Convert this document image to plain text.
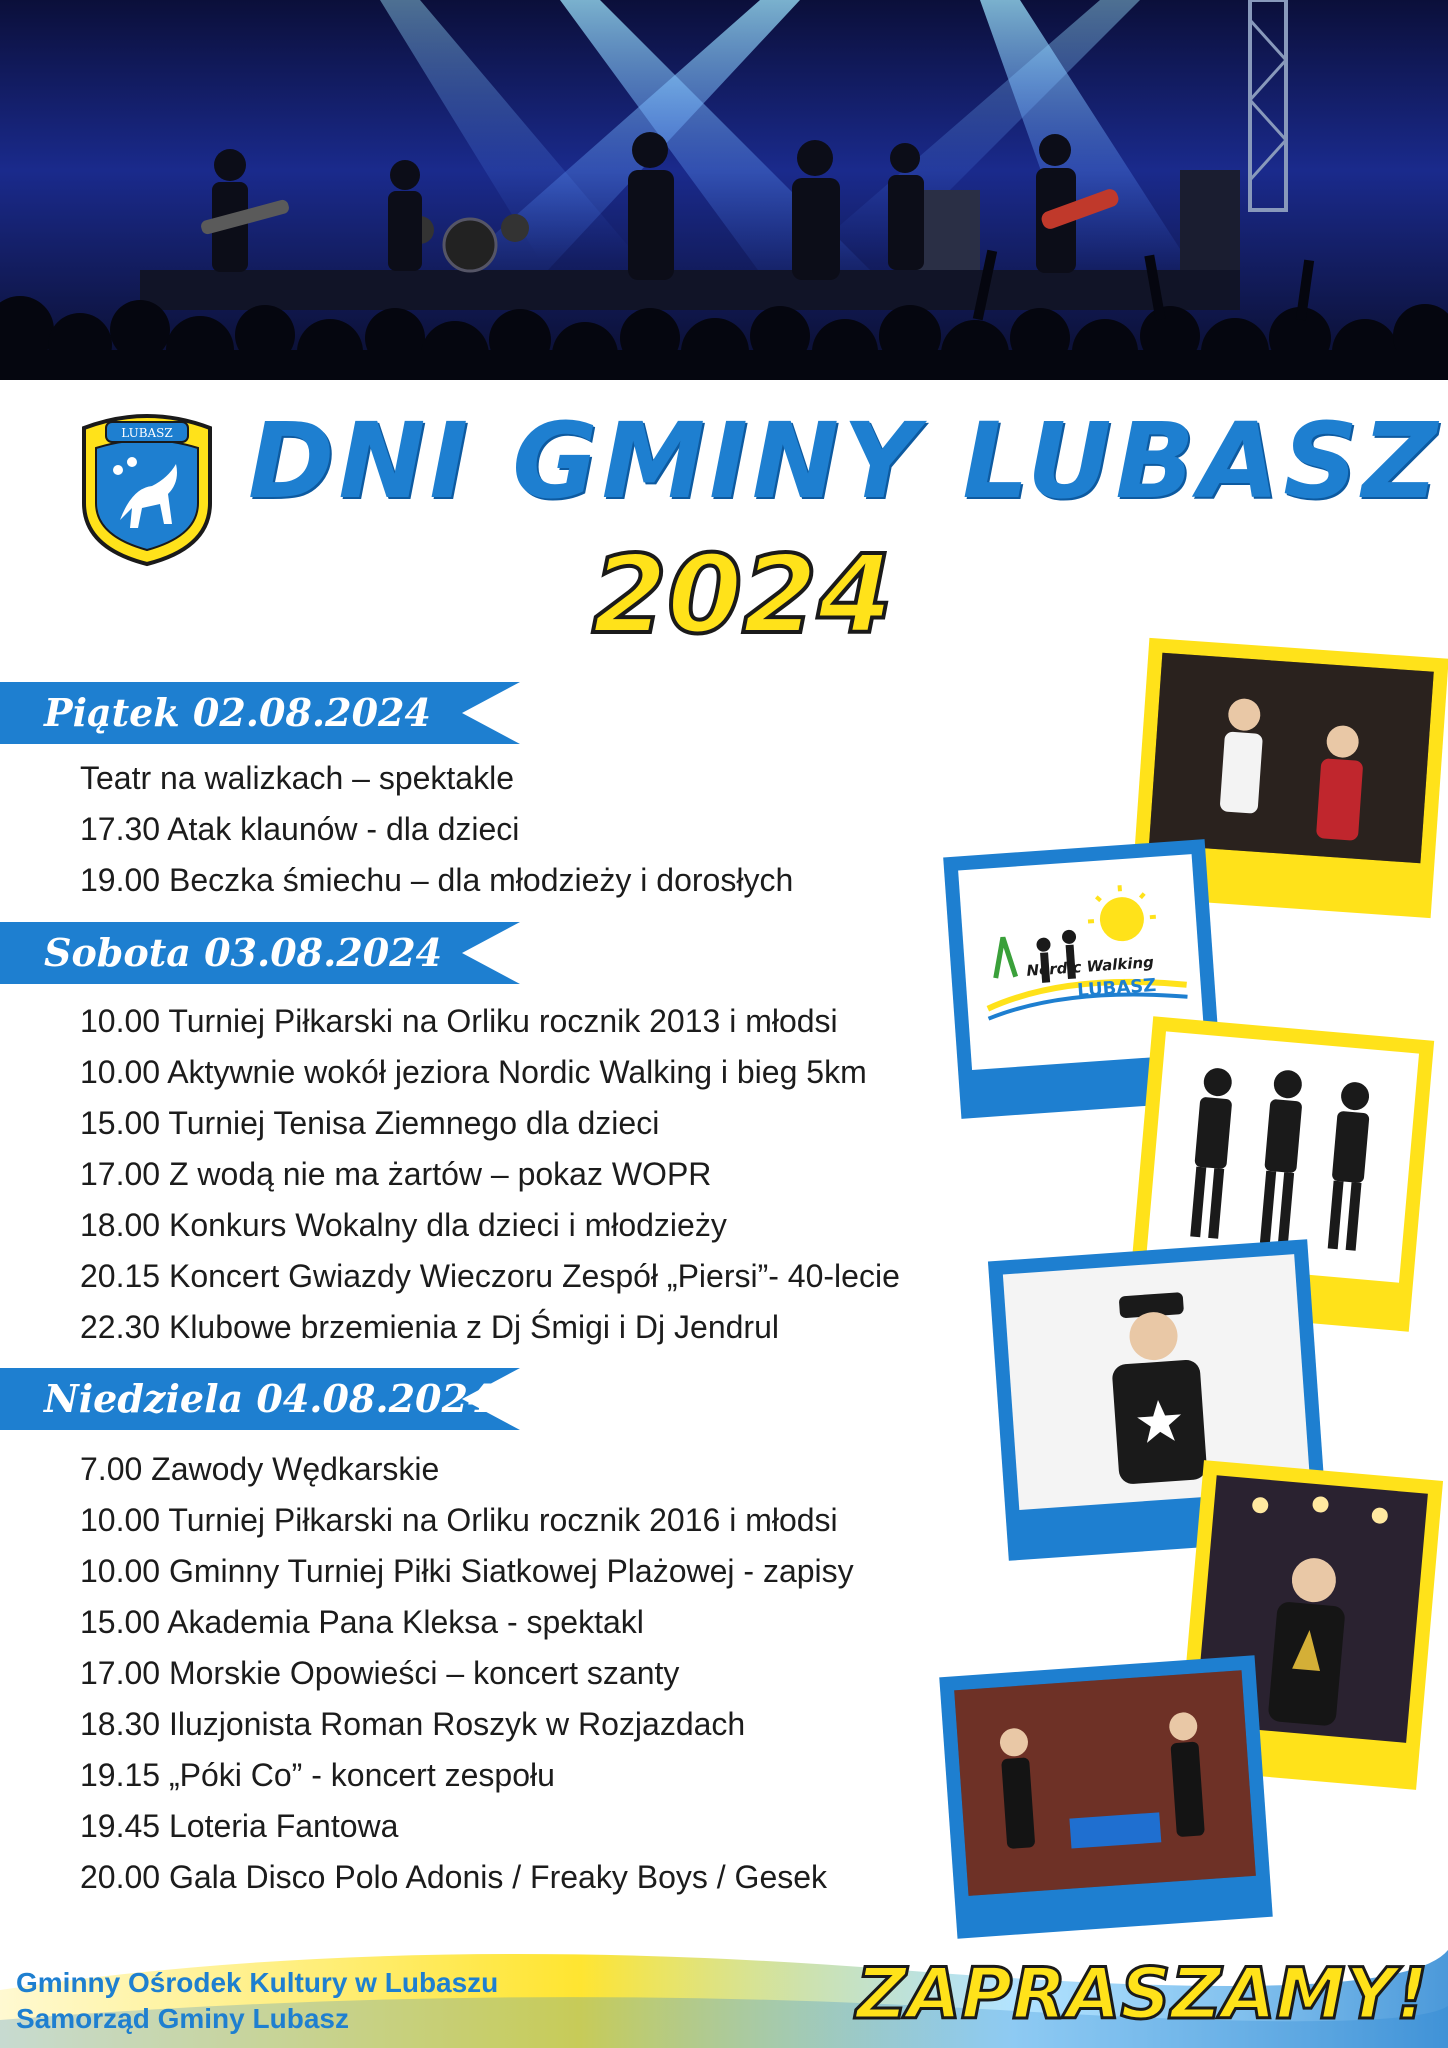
LUBASZ DNI GMINY LUBASZ
2024
Piątek 02.08.2024
Teatr na walizkach – spektakle
17.30 Atak klaunów - dla dzieci
19.00 Beczka śmiechu – dla młodzieży i dorosłych
Sobota 03.08.2024
10.00 Turniej Piłkarski na Orliku rocznik 2013 i młodsi
10.00 Aktywnie wokół jeziora Nordic Walking i bieg 5km
15.00 Turniej Tenisa Ziemnego dla dzieci
17.00 Z wodą nie ma żartów – pokaz WOPR
18.00 Konkurs Wokalny dla dzieci i młodzieży
20.15 Koncert Gwiazdy Wieczoru Zespół „Piersi”- 40-lecie
22.30 Klubowe brzemienia z Dj Śmigi i Dj Jendrul
Niedziela 04.08.2024
7.00 Zawody Wędkarskie
10.00 Turniej Piłkarski na Orliku rocznik 2016 i młodsi
10.00 Gminny Turniej Piłki Siatkowej Plażowej - zapisy
15.00 Akademia Pana Kleksa - spektakl
17.00 Morskie Opowieści – koncert szanty
18.30 Iluzjonista Roman Roszyk w Rozjazdach
19.15 „Póki Co” - koncert zespołu
19.45 Loteria Fantowa
20.00 Gala Disco Polo Adonis / Freaky Boys / Gesek
Nordic Walking
LUBASZ
Gminny Ośrodek Kultury w Lubaszu
Samorząd Gminy Lubasz	ZAPRASZAMY!
